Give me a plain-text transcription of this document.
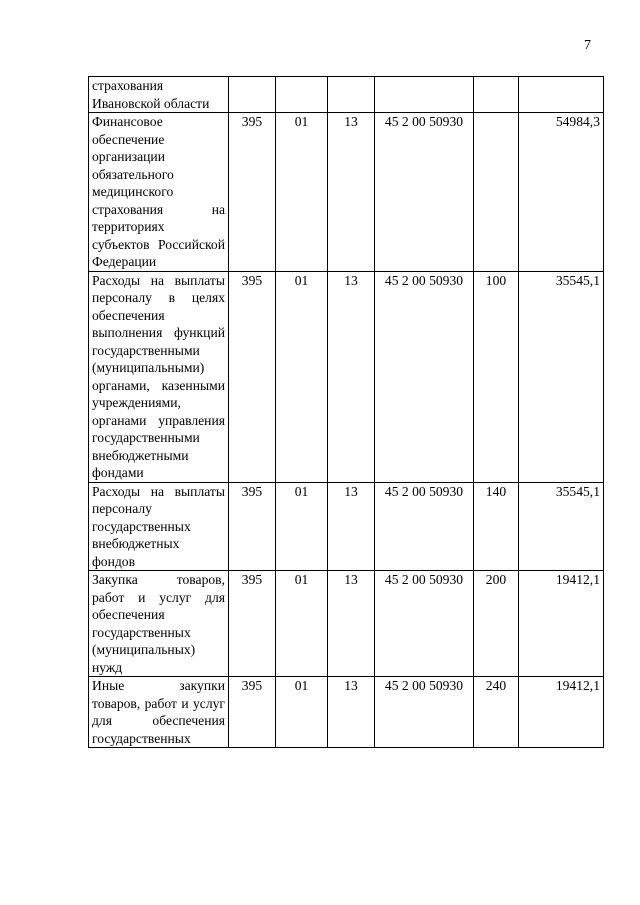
7
страхования Ивановской области						
Финансовое обеспечение организации обязательного медицинского страхования на территориях субъектов Российской Федерации	395	01	13	45 2 00 50930		54984,3
Расходы на выплаты персоналу в целях обеспечения выполнения функций государственными (муниципальными) органами, казенными учреждениями, органами управления государственными внебюджетными фондами	395	01	13	45 2 00 50930	100	35545,1
Расходы на выплаты персоналу государственных внебюджетных фондов	395	01	13	45 2 00 50930	140	35545,1
Закупка товаров, работ и услуг для обеспечения государственных (муниципальных) нужд	395	01	13	45 2 00 50930	200	19412,1
Иные закупки товаров, работ и услуг для обеспечения государственных	395	01	13	45 2 00 50930	240	19412,1
